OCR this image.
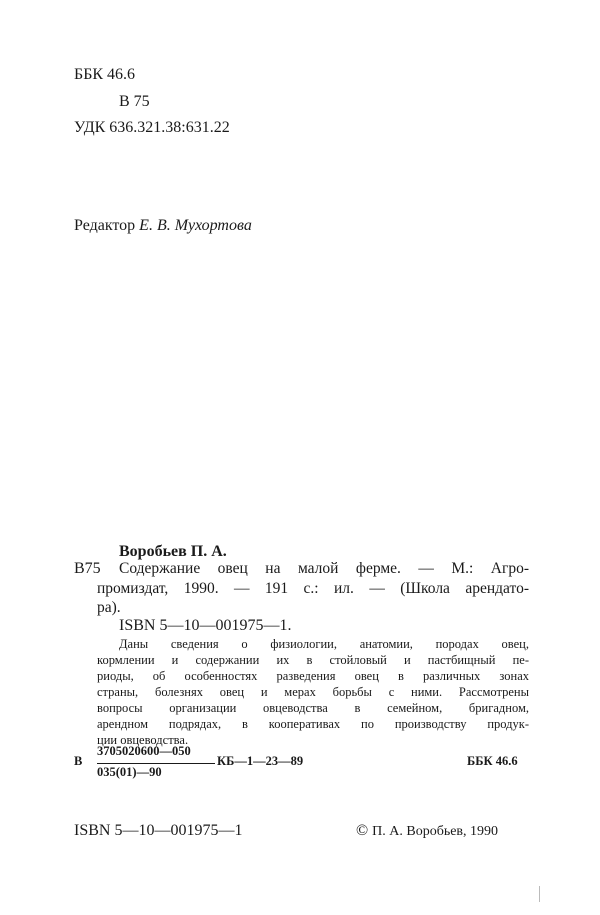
ББК 46.6
В 75
УДК 636.321.38:631.22
Редактор Е. В. Мухортова
Воробьев П. А.
В75 Содержание овец на малой ферме. — М.: Агро-
промиздат, 1990. — 191 с.: ил. — (Школа арендато-
ра).
ISBN 5—10—001975—1.
Даны сведения о физиологии, анатомии, породах овец,
кормлении и содержании их в стойловый и пастбищный пе-
риоды, об особенностях разведения овец в различных зонах
страны, болезнях овец и мерах борьбы с ними. Рассмотрены
вопросы организации овцеводства в семейном, бригадном,
арендном подрядах, в кооперативах по производству продук-
ции овцеводства.
В
3705020600—050
035(01)—90
КБ—1—23—89	ББК 46.6
ISBN 5—10—001975—1	© П. А. Воробьев, 1990
